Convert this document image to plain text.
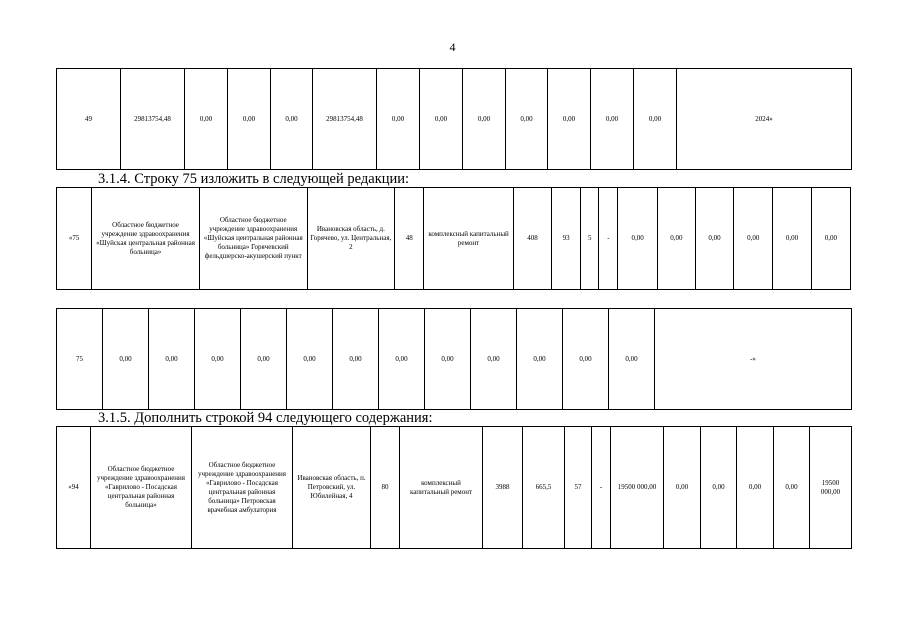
4
49	29813754,48	0,00	0,00	0,00	29813754,48	0,00	0,00	0,00	0,00	0,00	0,00	0,00	2024»
3.1.4. Строку 75 изложить в следующей редакции:
«75	Областное бюджетное учреждение здравоохранения «Шуйская центральная районная больница»	Областное бюджетное учреждение здравоохранения «Шуйская центральная районная больница» Горячевский фельдшерско-акушерский пункт	Ивановская область, д. Горячево, ул. Центральная, 2	48	комплексный капитальный ремонт	408	93	5	-	0,00	0,00	0,00	0,00	0,00	0,00
75	0,00	0,00	0,00	0,00	0,00	0,00	0,00	0,00	0,00	0,00	0,00	0,00	-»
3.1.5. Дополнить строкой 94 следующего содержания:
«94	Областное бюджетное учреждение здравоохранения «Гаврилово - Посадская центральная районная больница»	Областное бюджетное учреждение здравоохранения «Гаврилово - Посадская центральная районная больница» Петровская врачебная амбулатория	Ивановская область, п. Петровский, ул. Юбилейная, 4	80	комплексный капитальный ремонт	3988	665,5	57	-	19500 000,00	0,00	0,00	0,00	0,00	19500 000,00
